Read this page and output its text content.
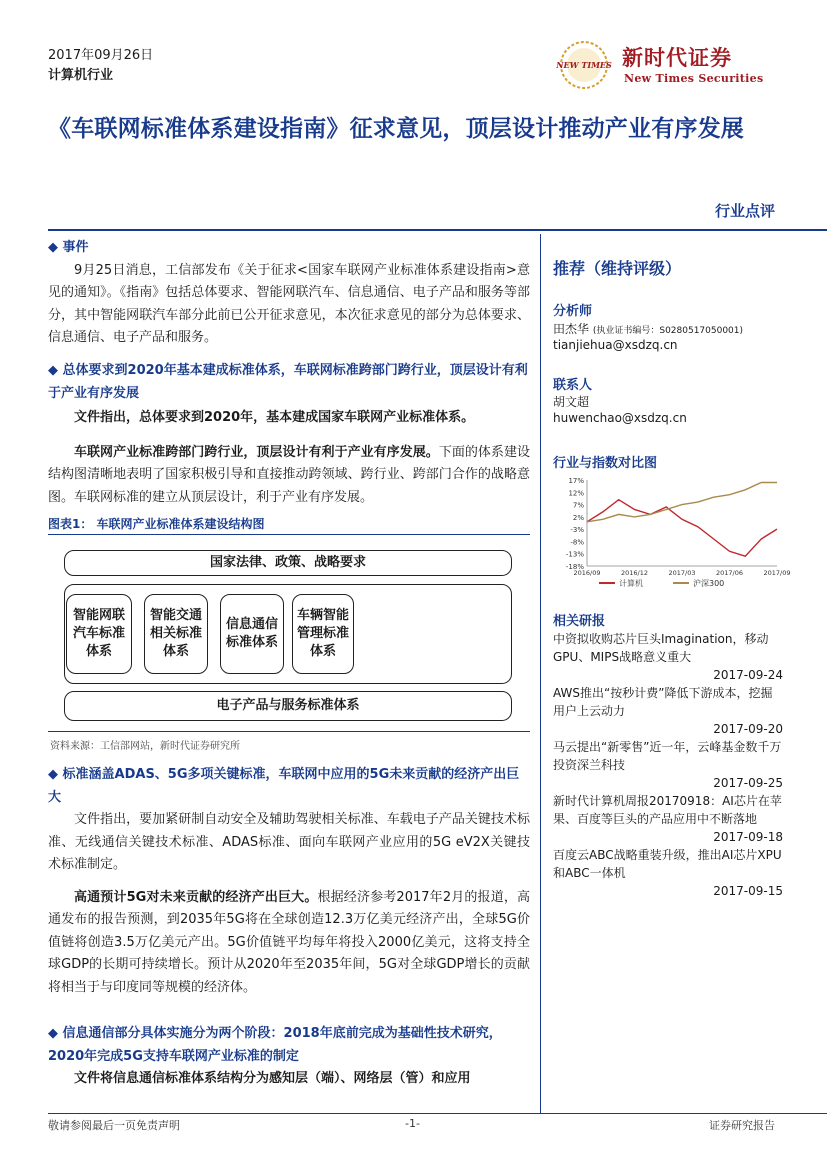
2017年09月26日
计算机行业
NEW TIMES 新时代证券
New Times Securities
《车联网标准体系建设指南》征求意见，顶层设计推动产业有序发展
行业点评

◆ 事件

9月25日消息，工信部发布《关于征求<国家车联网产业标准体系建设指南>意见的通知》。《指南》包括总体要求、智能网联汽车、信息通信、电子产品和服务等部分，其中智能网联汽车部分此前已公开征求意见，本次征求意见的部分为总体要求、信息通信、电子产品和服务。

◆ 总体要求到2020年基本建成标准体系，车联网标准跨部门跨行业，顶层设计有利于产业有序发展

文件指出，总体要求到2020年，基本建成国家车联网产业标准体系。

车联网产业标准跨部门跨行业，顶层设计有利于产业有序发展。下面的体系建设结构图清晰地表明了国家积极引导和直接推动跨领域、跨行业、跨部门合作的战略意图。车联网标准的建立从顶层设计，利于产业有序发展。

图表1： 车联网产业标准体系建设结构图
国家法律、政策、战略要求
智能网联汽车标准体系
智能交通相关标准体系
信息通信标准体系
车辆智能管理标准体系
电子产品与服务标准体系
资料来源：工信部网站，新时代证券研究所

◆ 标准涵盖ADAS、5G多项关键标准，车联网中应用的5G未来贡献的经济产出巨大

文件指出，要加紧研制自动安全及辅助驾驶相关标准、车载电子产品关键技术标准、无线通信关键技术标准、ADAS标准、面向车联网产业应用的5G eV2X关键技术标准制定。

高通预计5G对未来贡献的经济产出巨大。根据经济参考2017年2月的报道，高通发布的报告预测，到2035年5G将在全球创造12.3万亿美元经济产出，全球5G价值链将创造3.5万亿美元产出。5G价值链平均每年将投入2000亿美元，这将支持全球GDP的长期可持续增长。预计从2020年至2035年间，5G对全球GDP增长的贡献将相当于与印度同等规模的经济体。

◆ 信息通信部分具体实施分为两个阶段：2018年底前完成为基础性技术研究，2020年完成5G支持车联网产业标准的制定

文件将信息通信标准体系结构分为感知层（端）、网络层（管）和应用

推荐（维持评级）
分析师
田杰华 (执业证书编号：S0280517050001)
tianjiehua@xsdzq.cn
联系人
胡文超
huwenchao@xsdzq.cn
行业与指数对比图
17%
12%
7%
2%
-3%
-8%
-13%
-18%
2016/09	2016/12	2017/03	2017/06	2017/09
计算机	沪深300
相关研报
中资拟收购芯片巨头Imagination，移动GPU、MIPS战略意义重大
2017-09-24
AWS推出“按秒计费”降低下游成本，挖掘用户上云动力
2017-09-20
马云提出“新零售”近一年，云峰基金数千万投资深兰科技
2017-09-25
新时代计算机周报20170918：AI芯片在苹果、百度等巨头的产品应用中不断落地
2017-09-18
百度云ABC战略重装升级，推出AI芯片XPU和ABC一体机
2017-09-15
敬请参阅最后一页免责声明	-1-	证券研究报告
